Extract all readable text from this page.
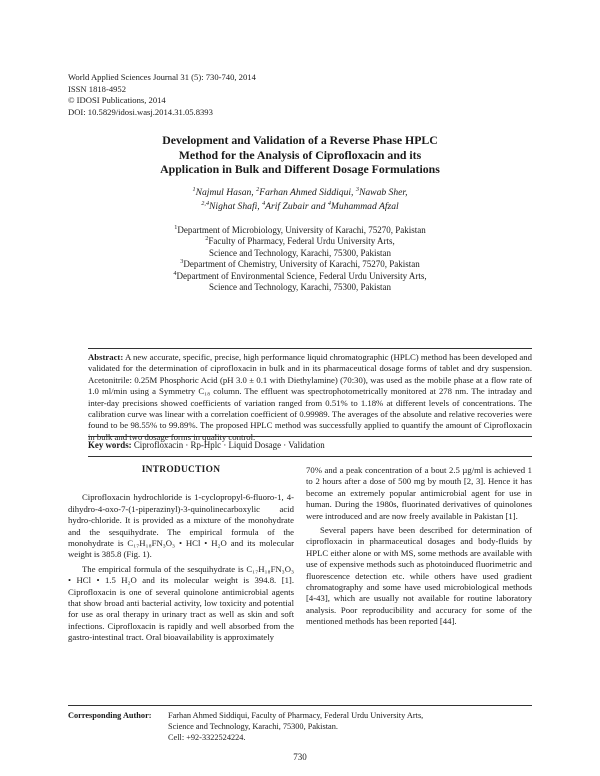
World Applied Sciences Journal 31 (5): 730-740, 2014
ISSN 1818-4952
© IDOSI Publications, 2014
DOI: 10.5829/idosi.wasj.2014.31.05.8393
Development and Validation of a Reverse Phase HPLC
Method for the Analysis of Ciprofloxacin and its
Application in Bulk and Different Dosage Formulations
$^1$Najmul Hasan, $^2$Farhan Ahmed Siddiqui, $^3$Nawab Sher,
$^{2,4}$Nighat Shafi, $^4$Arif Zubair and $^4$Muhammad Afzal
$^1$Department of Microbiology, University of Karachi, 75270, Pakistan
$^2$Faculty of Pharmacy, Federal Urdu University Arts,
Science and Technology, Karachi, 75300, Pakistan
$^3$Department of Chemistry, University of Karachi, 75270, Pakistan
$^4$Department of Environmental Science, Federal Urdu University Arts,
Science and Technology, Karachi, 75300, Pakistan
Abstract: A new accurate, specific, precise, high performance liquid chromatographic (HPLC) method has been developed and validated for the determination of ciprofloxacin in bulk and in its pharmaceutical dosage forms of tablet and dry suspension. Acetonitrile: 0.25M Phosphoric Acid (pH 3.0 ± 0.1 with Diethylamine) (70:30), was used as the mobile phase at a flow rate of 1.0 ml/min using a Symmetry C₁₈ column. The effluent was spectrophotometrically monitored at 278 nm. The intraday and inter-day precisions showed coefficients of variation ranged from 0.51% to 1.18% at different levels of concentrations. The calibration curve was linear with a correlation coefficient of 0.99989. The averages of the absolute and relative recoveries were found to be 98.55% to 99.89%. The proposed HPLC method was successfully applied to quantify the amount of Ciprofloxacin in bulk and two dosage forms in quality control.
Key words: Ciprofloxacin · Rp-Hplc · Liquid Dosage · Validation
INTRODUCTION

Ciprofloxacin hydrochloride is 1-cyclopropyl-6-fluoro-1, 4-dihydro-4-oxo-7-(1-piperazinyl)-3-quinolinecarboxylic acid hydro-chloride. It is provided as a mixture of the monohydrate and the sesquihydrate. The empirical formula of the monohydrate is C₁₇H₁₈FN₃O₃ • HCl • H₂O and its molecular weight is 385.8 (Fig. 1).

The empirical formula of the sesquihydrate is C₁₇H₁₈FN₃O₃ • HCl • 1.5 H₂O and its molecular weight is 394.8. [1]. Ciprofloxacin is one of several quinolone antimicrobial agents that show broad anti bacterial activity, low toxicity and potential for use as oral therapy in urinary tract as well as skin and soft infections. Ciprofloxacin is rapidly and well absorbed from the gastro-intestinal tract. Oral bioavailability is approximately

70% and a peak concentration of a bout 2.5 µg/ml is achieved 1 to 2 hours after a dose of 500 mg by mouth [2, 3]. Hence it has become an extremely popular antimicrobial agent for use in human. During the 1980s, fluorinated derivatives of quinolones were introduced and are now freely available in Pakistan [1].

Several papers have been described for determination of ciprofloxacin in pharmaceutical dosages and body-fluids by HPLC either alone or with MS, some methods are available with use of expensive methods such as photoinduced fluorimetric and fluorescence detection etc. while others have used gradient chromatography and some have used microbiological methods [4-43], which are usually not available for routine laboratory analysis. Poor reproducibility and accuracy for some of the mentioned methods has been reported [44].

Corresponding Author: Farhan Ahmed Siddiqui, Faculty of Pharmacy, Federal Urdu University Arts,
Science and Technology, Karachi, 75300, Pakistan.
Cell: +92-3322524224.
730
